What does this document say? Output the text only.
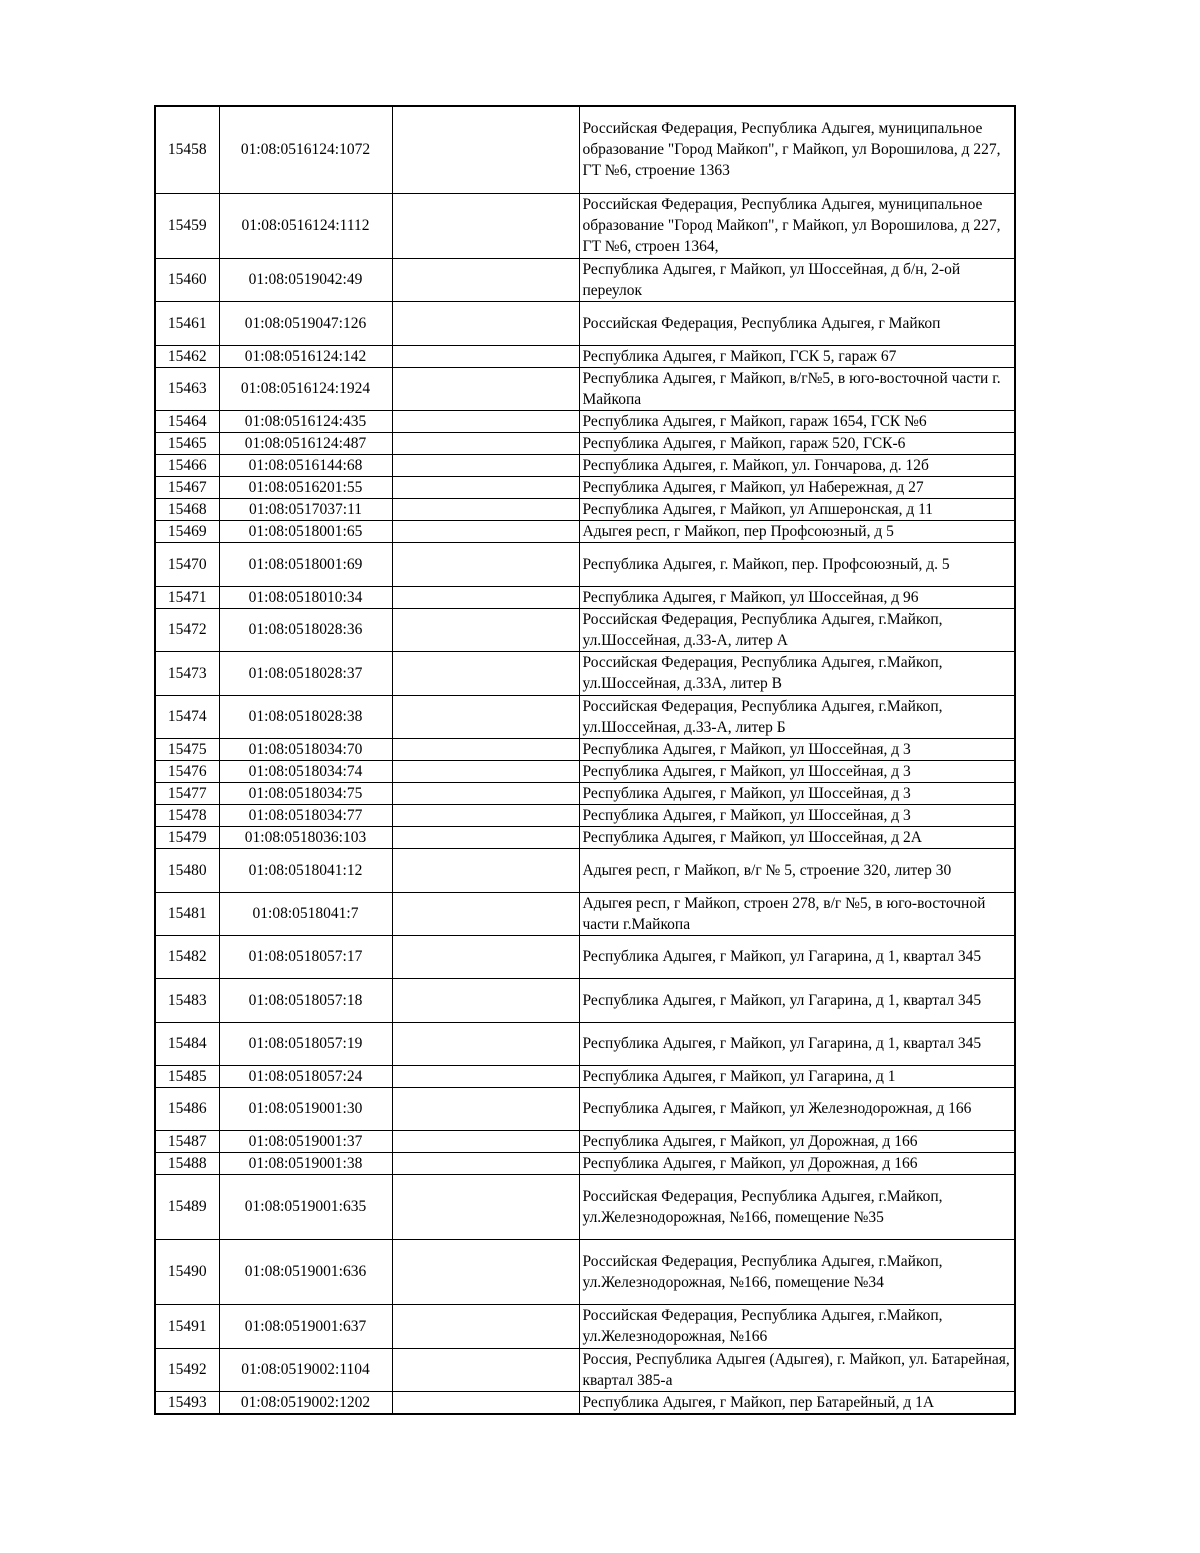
15458	01:08:0516124:1072		Российская Федерация, Республика Адыгея, муниципальное образование "Город Майкоп", г Майкоп, ул Ворошилова, д 227, ГТ №6, строение 1363
15459	01:08:0516124:1112		Российская Федерация, Республика Адыгея, муниципальное образование "Город Майкоп", г Майкоп, ул Ворошилова, д 227, ГТ №6, строен 1364,
15460	01:08:0519042:49		Республика Адыгея, г Майкоп, ул Шоссейная, д б/н, 2-ой переулок
15461	01:08:0519047:126		Российская Федерация, Республика Адыгея, г Майкоп
15462	01:08:0516124:142		Республика Адыгея, г Майкоп, ГСК 5, гараж 67
15463	01:08:0516124:1924		Республика Адыгея, г Майкоп, в/г№5, в юго-восточной части г. Майкопа
15464	01:08:0516124:435		Республика Адыгея, г Майкоп, гараж 1654, ГСК №6
15465	01:08:0516124:487		Республика Адыгея, г Майкоп, гараж 520, ГСК-6
15466	01:08:0516144:68		Республика Адыгея, г. Майкоп, ул. Гончарова, д. 12б
15467	01:08:0516201:55		Республика Адыгея, г Майкоп, ул Набережная, д 27
15468	01:08:0517037:11		Республика Адыгея, г Майкоп, ул Апшеронская, д 11
15469	01:08:0518001:65		Адыгея респ, г Майкоп, пер Профсоюзный, д 5
15470	01:08:0518001:69		Республика Адыгея, г. Майкоп, пер. Профсоюзный, д. 5
15471	01:08:0518010:34		Республика Адыгея, г Майкоп, ул Шоссейная, д 96
15472	01:08:0518028:36		Российская Федерация, Республика Адыгея, г.Майкоп, ул.Шоссейная, д.33-А, литер А
15473	01:08:0518028:37		Российская Федерация, Республика Адыгея, г.Майкоп, ул.Шоссейная, д.33А, литер В
15474	01:08:0518028:38		Российская Федерация, Республика Адыгея, г.Майкоп, ул.Шоссейная, д.33-А, литер Б
15475	01:08:0518034:70		Республика Адыгея, г Майкоп, ул Шоссейная, д 3
15476	01:08:0518034:74		Республика Адыгея, г Майкоп, ул Шоссейная, д 3
15477	01:08:0518034:75		Республика Адыгея, г Майкоп, ул Шоссейная, д 3
15478	01:08:0518034:77		Республика Адыгея, г Майкоп, ул Шоссейная, д 3
15479	01:08:0518036:103		Республика Адыгея, г Майкоп, ул Шоссейная, д 2А
15480	01:08:0518041:12		Адыгея респ, г Майкоп, в/г № 5, строение 320, литер 30
15481	01:08:0518041:7		Адыгея респ, г Майкоп, строен 278, в/г №5, в юго-восточной части г.Майкопа
15482	01:08:0518057:17		Республика Адыгея, г Майкоп, ул Гагарина, д 1, квартал 345
15483	01:08:0518057:18		Республика Адыгея, г Майкоп, ул Гагарина, д 1, квартал 345
15484	01:08:0518057:19		Республика Адыгея, г Майкоп, ул Гагарина, д 1, квартал 345
15485	01:08:0518057:24		Республика Адыгея, г Майкоп, ул Гагарина, д 1
15486	01:08:0519001:30		Республика Адыгея, г Майкоп, ул Железнодорожная, д 166
15487	01:08:0519001:37		Республика Адыгея, г Майкоп, ул Дорожная, д 166
15488	01:08:0519001:38		Республика Адыгея, г Майкоп, ул Дорожная, д 166
15489	01:08:0519001:635		Российская Федерация, Республика Адыгея, г.Майкоп, ул.Железнодорожная, №166, помещение №35
15490	01:08:0519001:636		Российская Федерация, Республика Адыгея, г.Майкоп, ул.Железнодорожная, №166, помещение №34
15491	01:08:0519001:637		Российская Федерация, Республика Адыгея, г.Майкоп, ул.Железнодорожная, №166
15492	01:08:0519002:1104		Россия, Республика Адыгея (Адыгея), г. Майкоп, ул. Батарейная, квартал 385-а
15493	01:08:0519002:1202		Республика Адыгея, г Майкоп, пер Батарейный, д 1А
